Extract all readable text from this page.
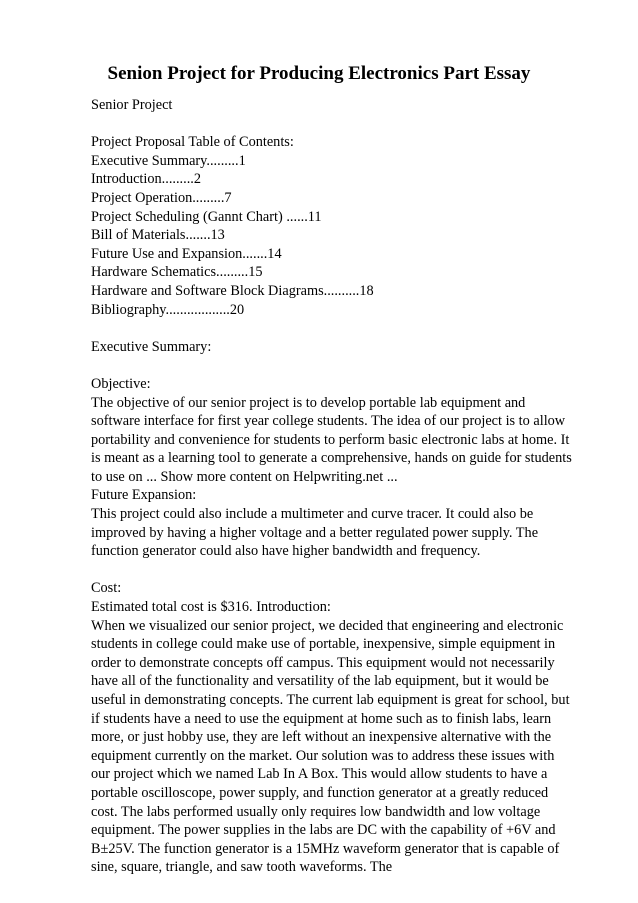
Senion Project for Producing Electronics Part Essay
Senior Project
Project Proposal Table of Contents:
Executive Summary.........1
Introduction.........2
Project Operation.........7
Project Scheduling (Gannt Chart) ......11
Bill of Materials.......13
Future Use and Expansion.......14
Hardware Schematics.........15
Hardware and Software Block Diagrams..........18
Bibliography..................20
Executive Summary:
Objective:
The objective of our senior project is to develop portable lab equipment and
software interface for first year college students. The idea of our project is to allow
portability and convenience for students to perform basic electronic labs at home. It
is meant as a learning tool to generate a comprehensive, hands on guide for students
to use on ... Show more content on Helpwriting.net ...
Future Expansion:
This project could also include a multimeter and curve tracer. It could also be
improved by having a higher voltage and a better regulated power supply. The
function generator could also have higher bandwidth and frequency.
Cost:
Estimated total cost is $316. Introduction:
When we visualized our senior project, we decided that engineering and electronic
students in college could make use of portable, inexpensive, simple equipment in
order to demonstrate concepts off campus. This equipment would not necessarily
have all of the functionality and versatility of the lab equipment, but it would be
useful in demonstrating concepts. The current lab equipment is great for school, but
if students have a need to use the equipment at home such as to finish labs, learn
more, or just hobby use, they are left without an inexpensive alternative with the
equipment currently on the market. Our solution was to address these issues with
our project which we named Lab In A Box. This would allow students to have a
portable oscilloscope, power supply, and function generator at a greatly reduced
cost. The labs performed usually only requires low bandwidth and low voltage
equipment. The power supplies in the labs are DC with the capability of +6V and
B±25V. The function generator is a 15MHz waveform generator that is capable of
sine, square, triangle, and saw tooth waveforms. The
